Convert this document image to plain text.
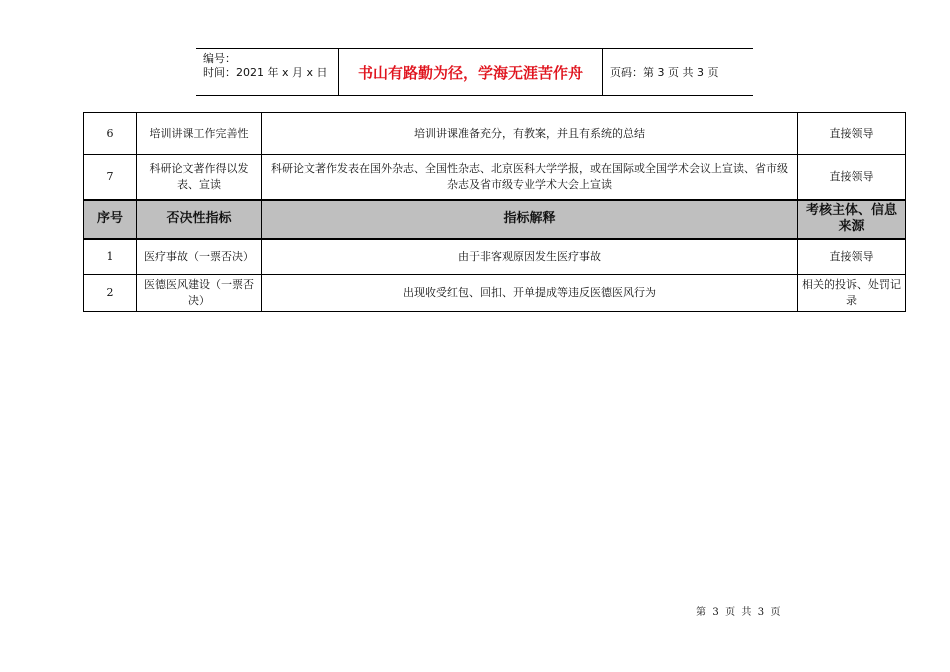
编号：
时间：2021 年 x 月 x 日	书山有路勤为径，学海无涯苦作舟	页码：第 3 页 共 3 页
6	培训讲课工作完善性	培训讲课准备充分，有教案，并且有系统的总结	直接领导
7	科研论文著作得以发表、宣读	科研论文著作发表在国外杂志、全国性杂志、北京医科大学学报，或在国际或全国学术会议上宣读、省市级杂志及省市级专业学术大会上宣读	直接领导
序号	否决性指标	指标解释	考核主体、信息来源
1	医疗事故（一票否决）	由于非客观原因发生医疗事故	直接领导
2	医德医风建设（一票否决）	出现收受红包、回扣、开单提成等违反医德医风行为	相关的投诉、处罚记录
第  3  页  共  3  页
